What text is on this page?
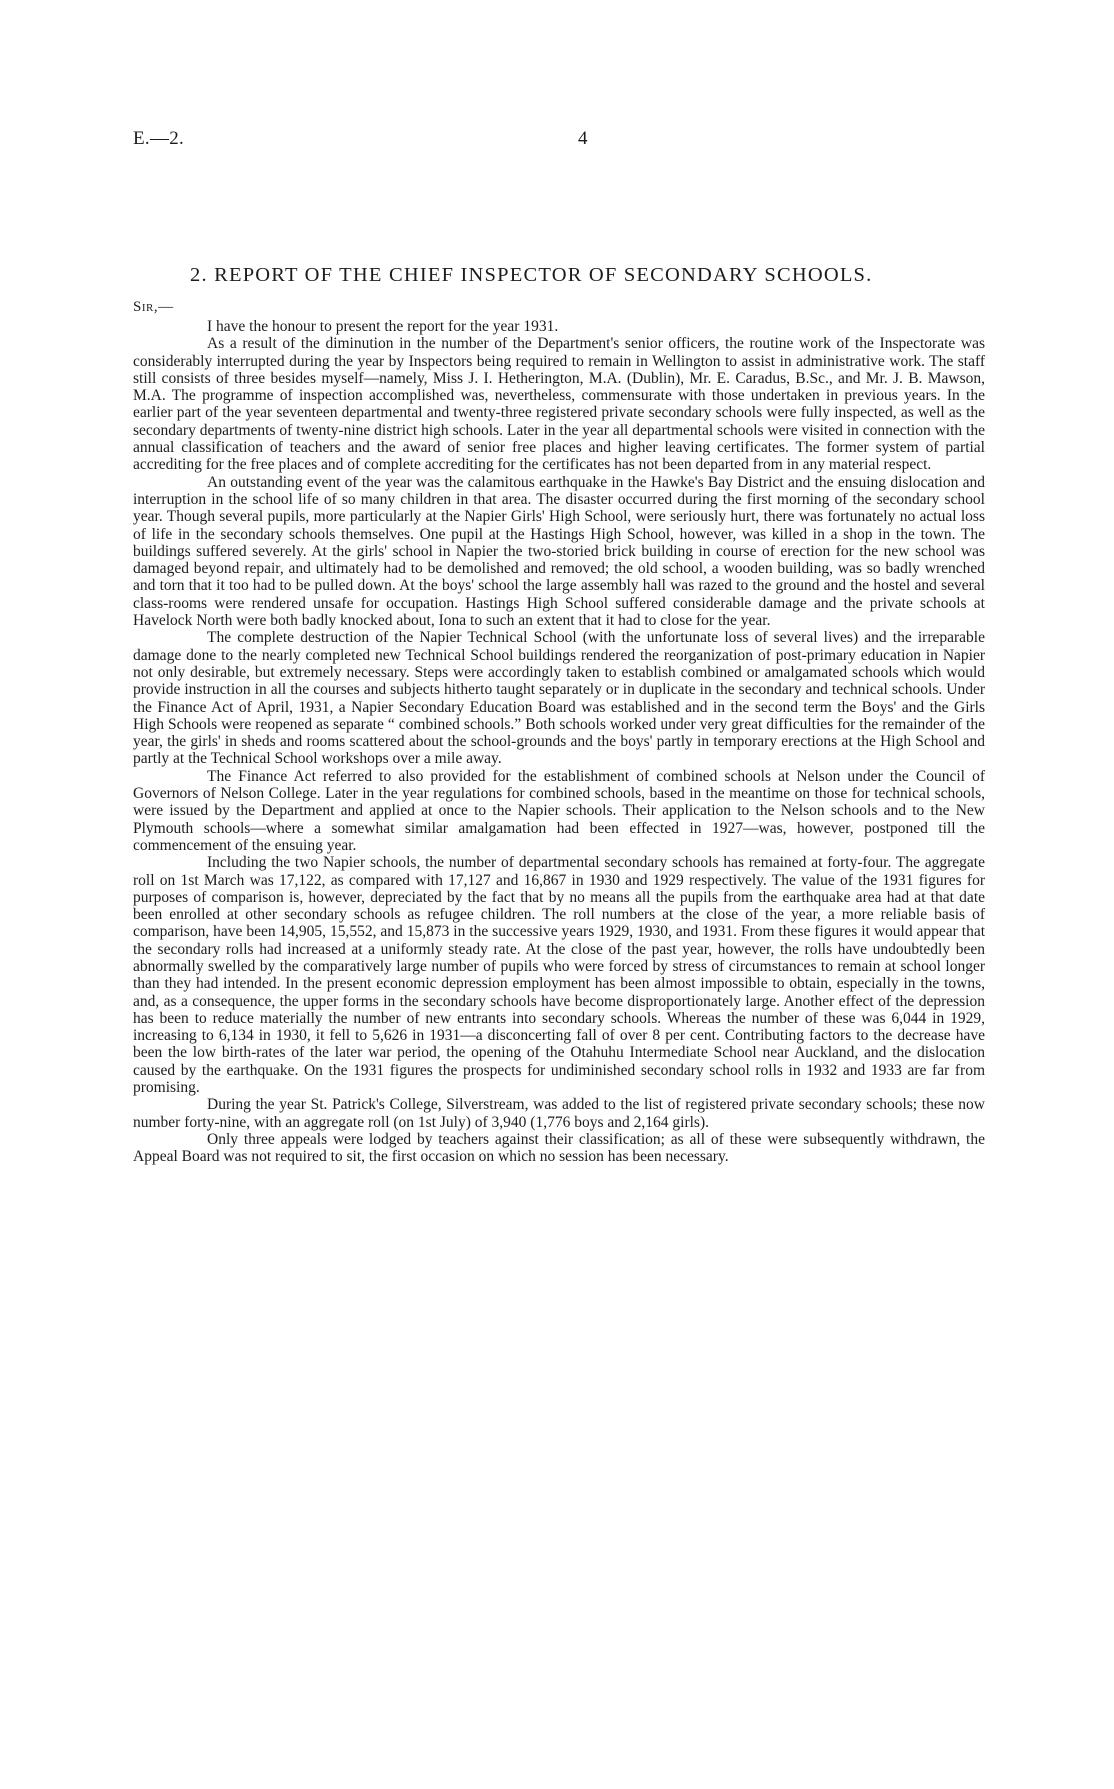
E.—2.	4
2. REPORT OF THE CHIEF INSPECTOR OF SECONDARY SCHOOLS.
Sir,—

I have the honour to present the report for the year 1931.

As a result of the diminution in the number of the Department's senior officers, the routine work of the Inspectorate was considerably interrupted during the year by Inspectors being required to remain in Wellington to assist in administrative work. The staff still consists of three besides myself—namely, Miss J. I. Hetherington, M.A. (Dublin), Mr. E. Caradus, B.Sc., and Mr. J. B. Mawson, M.A. The programme of inspection accomplished was, nevertheless, commensurate with those undertaken in previous years. In the earlier part of the year seventeen departmental and twenty-three registered private secondary schools were fully inspected, as well as the secondary departments of twenty-nine district high schools. Later in the year all departmental schools were visited in connection with the annual classification of teachers and the award of senior free places and higher leaving certificates. The former system of partial accrediting for the free places and of complete accrediting for the certificates has not been departed from in any material respect.

An outstanding event of the year was the calamitous earthquake in the Hawke's Bay District and the ensuing dislocation and interruption in the school life of so many children in that area. The disaster occurred during the first morning of the secondary school year. Though several pupils, more particularly at the Napier Girls' High School, were seriously hurt, there was fortunately no actual loss of life in the secondary schools themselves. One pupil at the Hastings High School, however, was killed in a shop in the town. The buildings suffered severely. At the girls' school in Napier the two-storied brick building in course of erection for the new school was damaged beyond repair, and ultimately had to be demolished and removed; the old school, a wooden building, was so badly wrenched and torn that it too had to be pulled down. At the boys' school the large assembly hall was razed to the ground and the hostel and several class-rooms were rendered unsafe for occupation. Hastings High School suffered considerable damage and the private schools at Havelock North were both badly knocked about, Iona to such an extent that it had to close for the year.

The complete destruction of the Napier Technical School (with the unfortunate loss of several lives) and the irreparable damage done to the nearly completed new Technical School buildings rendered the reorganization of post-primary education in Napier not only desirable, but extremely necessary. Steps were accordingly taken to establish combined or amalgamated schools which would provide instruction in all the courses and subjects hitherto taught separately or in duplicate in the secondary and technical schools. Under the Finance Act of April, 1931, a Napier Secondary Education Board was established and in the second term the Boys' and the Girls High Schools were reopened as separate “ combined schools.” Both schools worked under very great difficulties for the remainder of the year, the girls' in sheds and rooms scattered about the school-grounds and the boys' partly in temporary erections at the High School and partly at the Technical School workshops over a mile away.

The Finance Act referred to also provided for the establishment of combined schools at Nelson under the Council of Governors of Nelson College. Later in the year regulations for combined schools, based in the meantime on those for technical schools, were issued by the Department and applied at once to the Napier schools. Their application to the Nelson schools and to the New Plymouth schools—where a somewhat similar amalgamation had been effected in 1927—was, however, postponed till the commencement of the ensuing year.

Including the two Napier schools, the number of departmental secondary schools has remained at forty-four. The aggregate roll on 1st March was 17,122, as compared with 17,127 and 16,867 in 1930 and 1929 respectively. The value of the 1931 figures for purposes of comparison is, however, depreciated by the fact that by no means all the pupils from the earthquake area had at that date been enrolled at other secondary schools as refugee children. The roll numbers at the close of the year, a more reliable basis of comparison, have been 14,905, 15,552, and 15,873 in the successive years 1929, 1930, and 1931. From these figures it would appear that the secondary rolls had increased at a uniformly steady rate. At the close of the past year, however, the rolls have undoubtedly been abnormally swelled by the comparatively large number of pupils who were forced by stress of circumstances to remain at school longer than they had intended. In the present economic depression employment has been almost impossible to obtain, especially in the towns, and, as a consequence, the upper forms in the secondary schools have become disproportionately large. Another effect of the depression has been to reduce materially the number of new entrants into secondary schools. Whereas the number of these was 6,044 in 1929, increasing to 6,134 in 1930, it fell to 5,626 in 1931—a disconcerting fall of over 8 per cent. Contributing factors to the decrease have been the low birth-rates of the later war period, the opening of the Otahuhu Intermediate School near Auckland, and the dislocation caused by the earthquake. On the 1931 figures the prospects for undiminished secondary school rolls in 1932 and 1933 are far from promising.

During the year St. Patrick's College, Silverstream, was added to the list of registered private secondary schools; these now number forty-nine, with an aggregate roll (on 1st July) of 3,940 (1,776 boys and 2,164 girls).

Only three appeals were lodged by teachers against their classification; as all of these were subsequently withdrawn, the Appeal Board was not required to sit, the first occasion on which no session has been necessary.
